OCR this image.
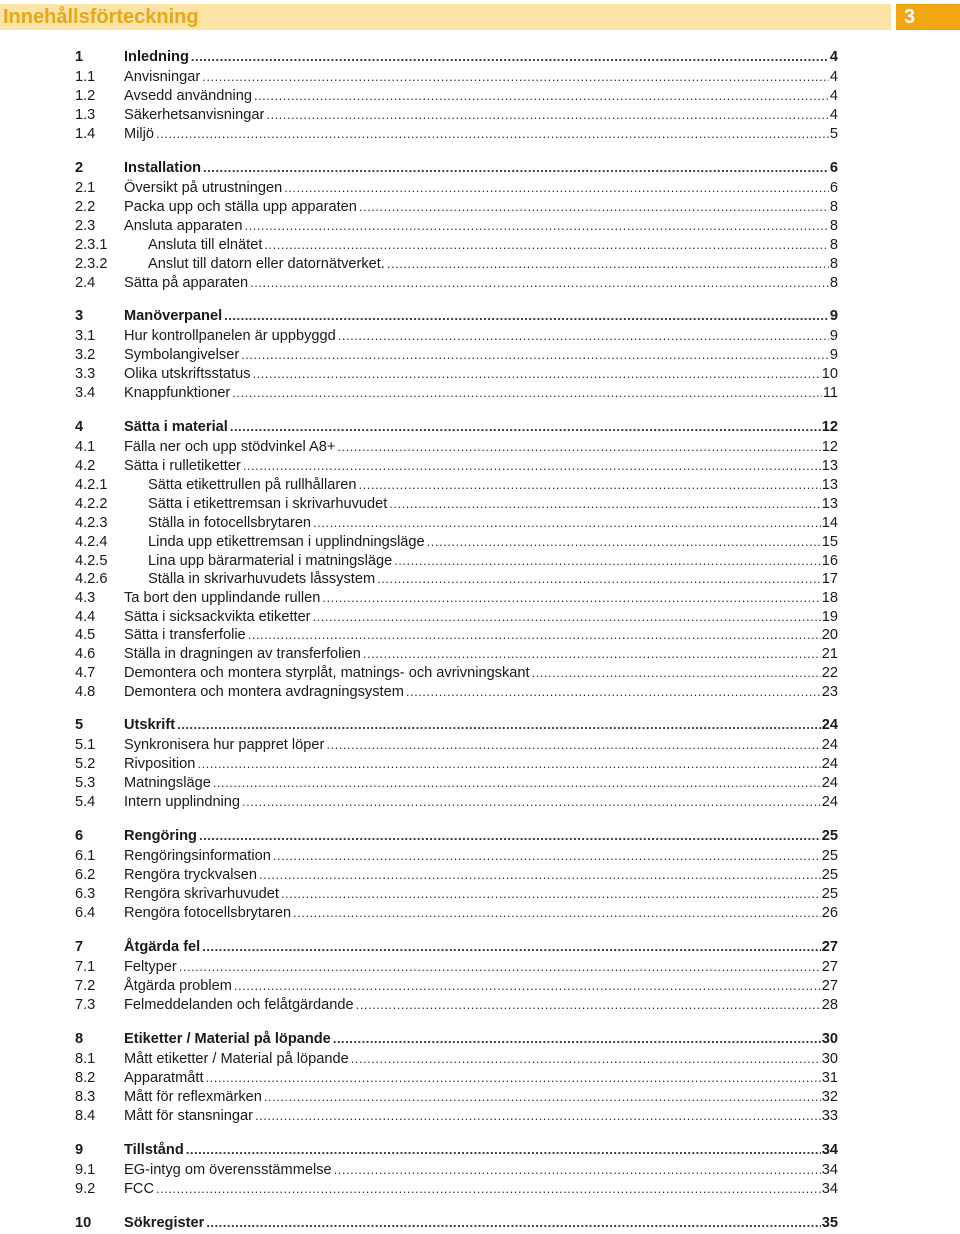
Innehållsförteckning	3
1	Inledning .....	4
1.1 Anvisningar .....	4
1.2 Avsedd användning .....	4
1.3 Säkerhetsanvisningar .....	4
1.4 Miljö .....	5
2	Installation .....	6
2.1 Översikt på utrustningen .....	6
2.2 Packa upp och ställa upp apparaten .....	8
2.3 Ansluta apparaten .....	8
2.3.1	Ansluta till elnätet .....	8
2.3.2	Anslut till datorn eller datornätverket. .....	8
2.4 Sätta på apparaten .....	8
3	Manöverpanel .....	9
3.1 Hur kontrollpanelen är uppbyggd .....	9
3.2 Symbolangivelser .....	9
3.3 Olika utskriftsstatus .....	10
3.4 Knappfunktioner .....	11
4	Sätta i material .....	12
4.1 Fälla ner och upp stödvinkel A8+ .....	12
4.2 Sätta i rulletiketter .....	13
4.2.1	Sätta etikettrullen på rullhållaren .....	13
4.2.2	Sätta i etikettremsan i skrivarhuvudet .....	13
4.2.3	Ställa in fotocellsbrytaren .....	14
4.2.4	Linda upp etikettremsan i upplindningsläge .....	15
4.2.5	Lina upp bärarmaterial i matningsläge .....	16
4.2.6	Ställa in skrivarhuvudets låssystem .....	17
4.3 Ta bort den upplindande rullen .....	18
4.4 Sätta i sicksackvikta etiketter .....	19
4.5 Sätta i transferfolie .....	20
4.6 Ställa in dragningen av transferfolien .....	21
4.7 Demontera och montera styrplåt, matnings- och avrivningskant .....	22
4.8 Demontera och montera avdragningsystem .....	23
5	Utskrift .....	24
5.1 Synkronisera hur pappret löper .....	24
5.2 Rivposition .....	24
5.3 Matningsläge .....	24
5.4 Intern upplindning .....	24
6	Rengöring .....	25
6.1 Rengöringsinformation .....	25
6.2 Rengöra tryckvalsen .....	25
6.3 Rengöra skrivarhuvudet .....	25
6.4 Rengöra fotocellsbrytaren .....	26
7	Åtgärda fel .....	27
7.1 Feltyper .....	27
7.2 Åtgärda problem .....	27
7.3 Felmeddelanden och felåtgärdande .....	28
8	Etiketter / Material på löpande .....	30
8.1 Mått etiketter / Material på löpande .....	30
8.2 Apparatmått .....	31
8.3 Mått för reflexmärken .....	32
8.4 Mått för stansningar .....	33
9	Tillstånd .....	34
9.1 EG-intyg om överensstämmelse .....	34
9.2 FCC .....	34
10 Sökregister .....	35
